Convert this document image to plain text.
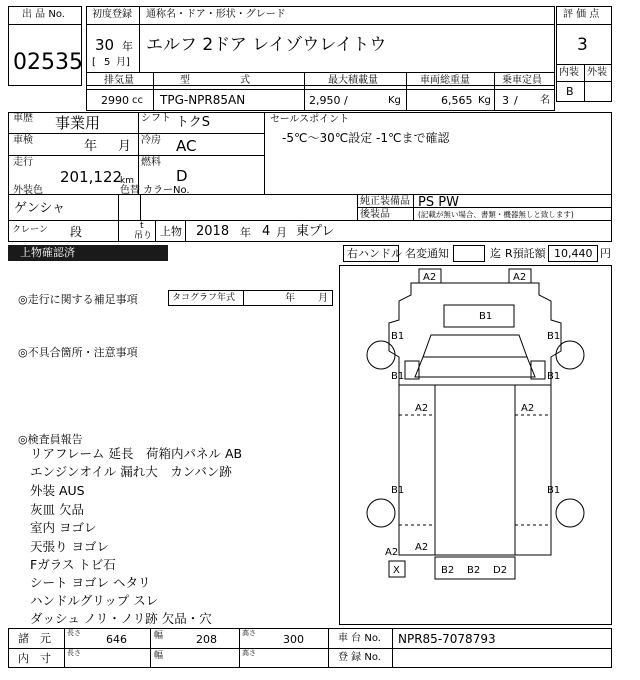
出 品 No.
02535
初度登録 通称名・ドア・形状・グレード
30 年
[ 5 月]
エルフ 2ドア レイゾウレイトウ
評 価 点
3
内装 外装
B
排気量	型　　　　　式	最大積載量	車両総重量	乗車定員
2990 cc TPG-NPR85AN	2,950 /	Kg	6,565 Kg 3 / 名
車歴 事業用	シフト トクS
車検	年 月 冷房 AC
走行
201,122
km
燃料
D
セールスポイント
-5℃～30℃設定 -1℃まで確認
外装色
ゲンシャ
色替 カラーNo.
純正装備品 PS PW
後装品	(記載が無い場合、書類・機器無しと致します)
クレーン 段	t
吊り 上物 2018 年 4 月 東プレ
上物確認済	右ハンドル 名変通知	迄 R預託額 10,440 円
◎走行に関する補足事項	タコグラフ年式	年 月
◎不具合箇所・注意事項
◎検査員報告
リアフレーム 延長　荷箱内パネル AB
エンジンオイル 漏れ大　カンバン跡
外装 AUS
灰皿 欠品
室内 ヨゴレ
天張り ヨゴレ
Fガラス トビ石
シート ヨゴレ ヘタリ
ハンドルグリップ スレ
ダッシュ ノリ・ノリ跡 欠品・穴
A2	A2
B1
B1	B1
B1	B1
A2	A2
B1	B1
A2 A2
X	B2 B2 D2
諸　元 長さ 646	幅	208	高さ 300	車 台 No. NPR85-7078793
内　寸 長さ	幅	高さ	登 録 No.
